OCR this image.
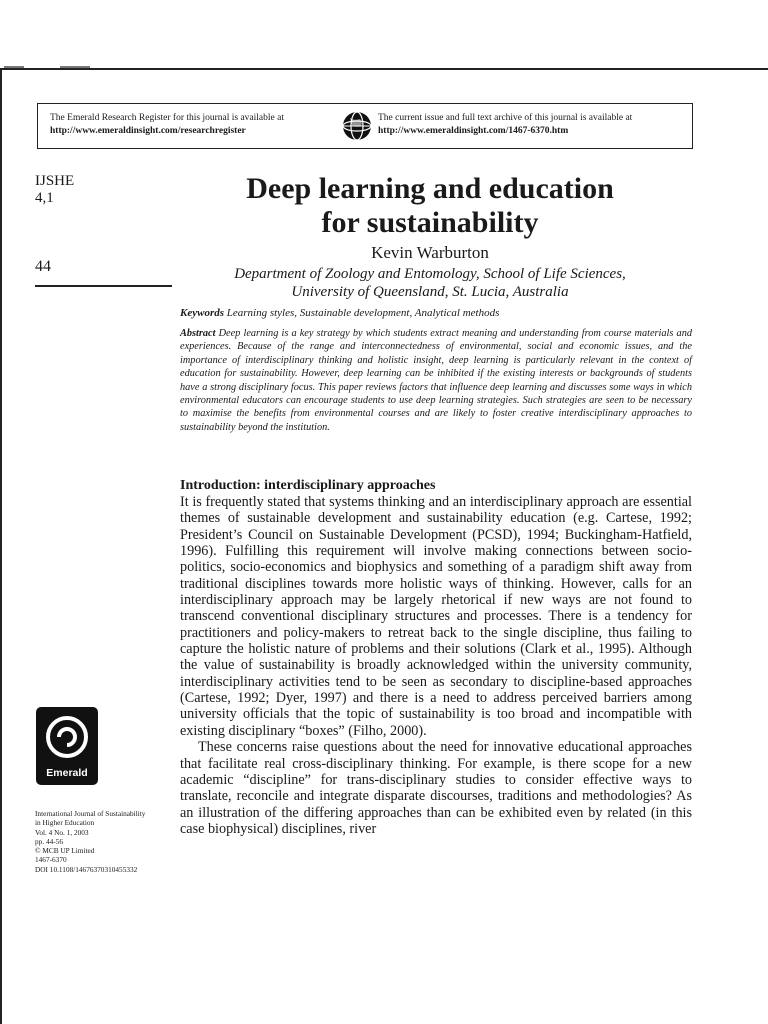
The Emerald Research Register for this journal is available at
http://www.emeraldinsight.com/researchregister
The current issue and full text archive of this journal is available at
http://www.emeraldinsight.com/1467-6370.htm
IJSHE
4,1
44
Deep learning and education
for sustainability
Kevin Warburton
Department of Zoology and Entomology, School of Life Sciences,
University of Queensland, St. Lucia, Australia
Keywords Learning styles, Sustainable development, Analytical methods
Abstract Deep learning is a key strategy by which students extract meaning and understanding from course materials and experiences. Because of the range and interconnectedness of environmental, social and economic issues, and the importance of interdisciplinary thinking and holistic insight, deep learning is particularly relevant in the context of education for sustainability. However, deep learning can be inhibited if the existing interests or backgrounds of students have a strong disciplinary focus. This paper reviews factors that influence deep learning and discusses some ways in which environmental educators can encourage students to use deep learning strategies. Such strategies are seen to be necessary to maximise the benefits from environmental courses and are likely to foster creative interdisciplinary approaches to sustainability beyond the institution.
Introduction: interdisciplinary approaches

It is frequently stated that systems thinking and an interdisciplinary approach are essential themes of sustainable development and sustainability education (e.g. Cartese, 1992; President’s Council on Sustainable Development (PCSD), 1994; Buckingham-Hatfield, 1996). Fulfilling this requirement will involve making connections between socio-politics, socio-economics and biophysics and something of a paradigm shift away from traditional disciplines towards more holistic ways of thinking. However, calls for an interdisciplinary approach may be largely rhetorical if new ways are not found to transcend conventional disciplinary structures and processes. There is a tendency for practitioners and policy-makers to retreat back to the single discipline, thus failing to capture the holistic nature of problems and their solutions (Clark et al., 1995). Although the value of sustainability is broadly acknowledged within the university community, interdisciplinary activities tend to be seen as secondary to discipline-based approaches (Cartese, 1992; Dyer, 1997) and there is a need to address perceived barriers among university officials that the topic of sustainability is too broad and incompatible with existing disciplinary “boxes” (Filho, 2000).

These concerns raise questions about the need for innovative educational approaches that facilitate real cross-disciplinary thinking. For example, is there scope for a new academic “discipline” for trans-disciplinary studies to consider effective ways to translate, reconcile and integrate disparate discourses, traditions and methodologies? As an illustration of the differing approaches than can be exhibited even by related (in this case biophysical) disciplines, river

Emerald
International Journal of Sustainability
in Higher Education
Vol. 4 No. 1, 2003
pp. 44-56
© MCB UP Limited
1467-6370
DOI 10.1108/14676370310455332
